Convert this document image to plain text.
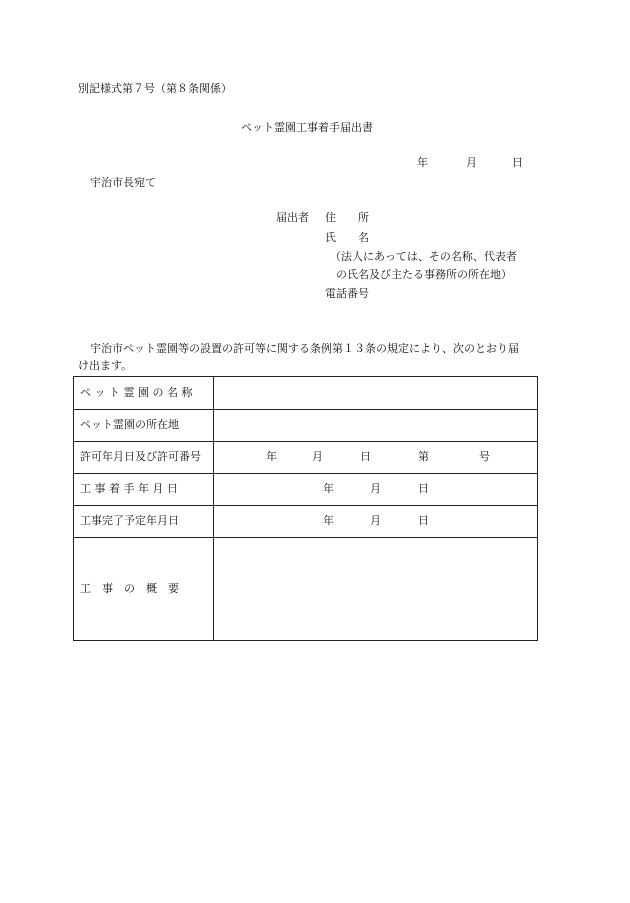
別記様式第７号（第８条関係）
ペット霊園工事着手届出書
年	月	日
宇治市長宛て
届出者 住　　所
氏　　名
（法人にあっては、その名称、代表者
の氏名及び主たる事務所の所在地）
電話番号
宇治市ペット霊園等の設置の許可等に関する条例第１３条の規定により、次のとおり届
け出ます。
ペ ッ ト 霊 園 の 名 称
ペット霊園の所在地
許可年月日及び許可番号	年	月	日	第	号
工 事 着 手 年 月 日	年	月	日
工事完了予定年月日	年	月	日
工　事　の　概　要
